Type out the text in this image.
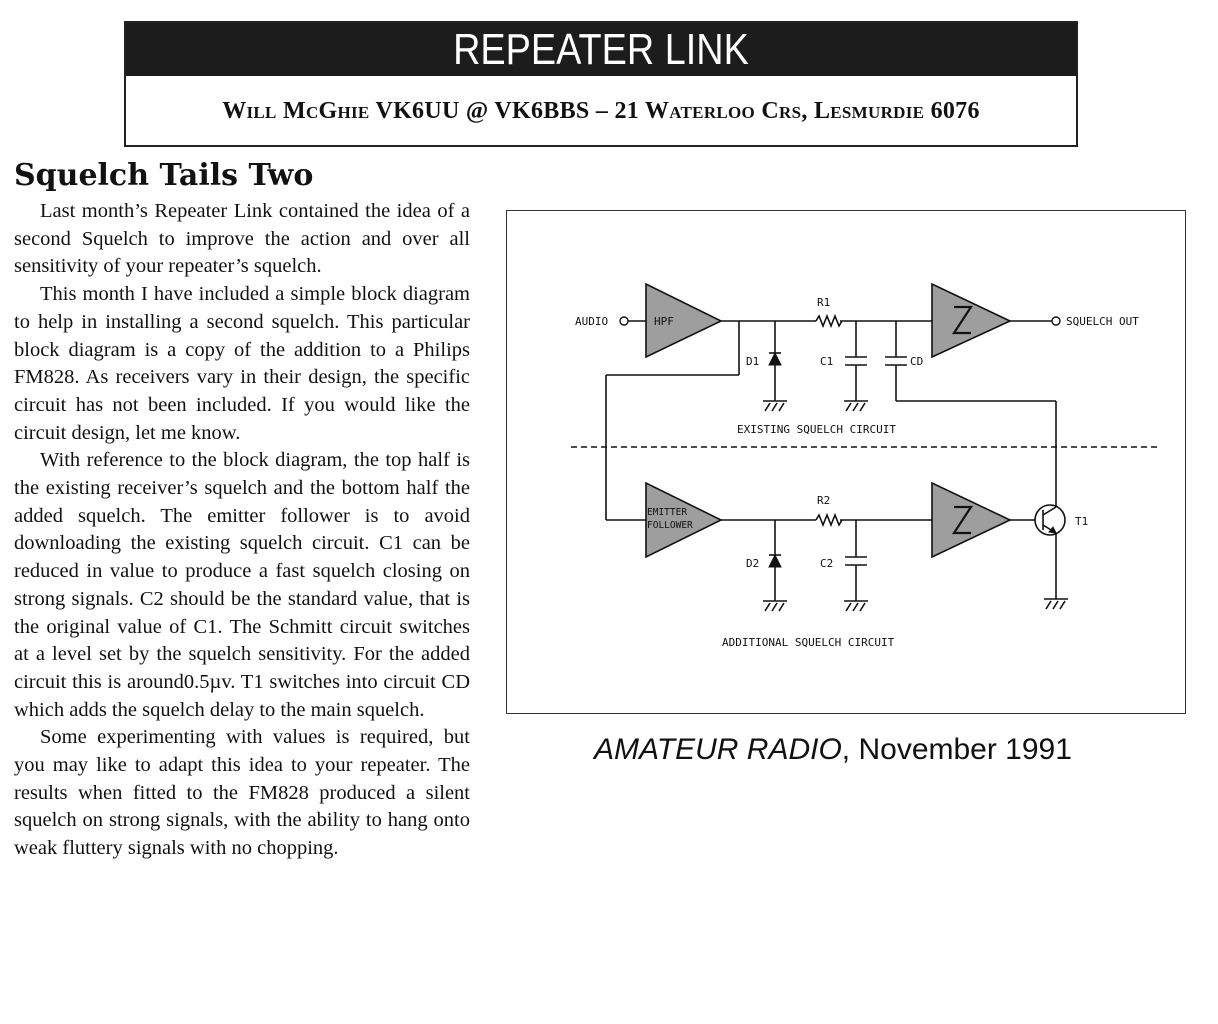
REPEATER LINK
Will McGhie VK6UU @ VK6BBS – 21 Waterloo Crs, Lesmurdie 6076
Squelch Tails Two

Last month’s Repeater Link contained the idea of a second Squelch to improve the action and over all sensitivity of your repeater’s squelch.

This month I have included a simple block diagram to help in installing a second squelch. This particular block diagram is a copy of the addition to a Philips FM828. As receivers vary in their design, the specific circuit has not been included. If you would like the circuit design, let me know.

With reference to the block diagram, the top half is the existing receiver’s squelch and the bottom half the added squelch. The emitter follower is to avoid downloading the existing squelch circuit. C1 can be reduced in value to produce a fast squelch closing on strong signals. C2 should be the standard value, that is the original value of C1. The Schmitt circuit switches at a level set by the squelch sensitivity. For the added circuit this is around0.5µv. T1 switches into circuit CD which adds the squelch delay to the main squelch.

Some experimenting with values is required, but you may like to adapt this idea to your repeater. The results when fitted to the FM828 produced a silent squelch on strong signals, with the ability to hang onto weak fluttery signals with no chopping.

AUDIO	HPF
R1
D1	C1	CD
SQUELCH OUT
EXISTING SQUELCH CIRCUIT
EMITTER
FOLLOWER
R2
D2	C2
T1
ADDITIONAL SQUELCH CIRCUIT
AMATEUR RADIO, November 1991
